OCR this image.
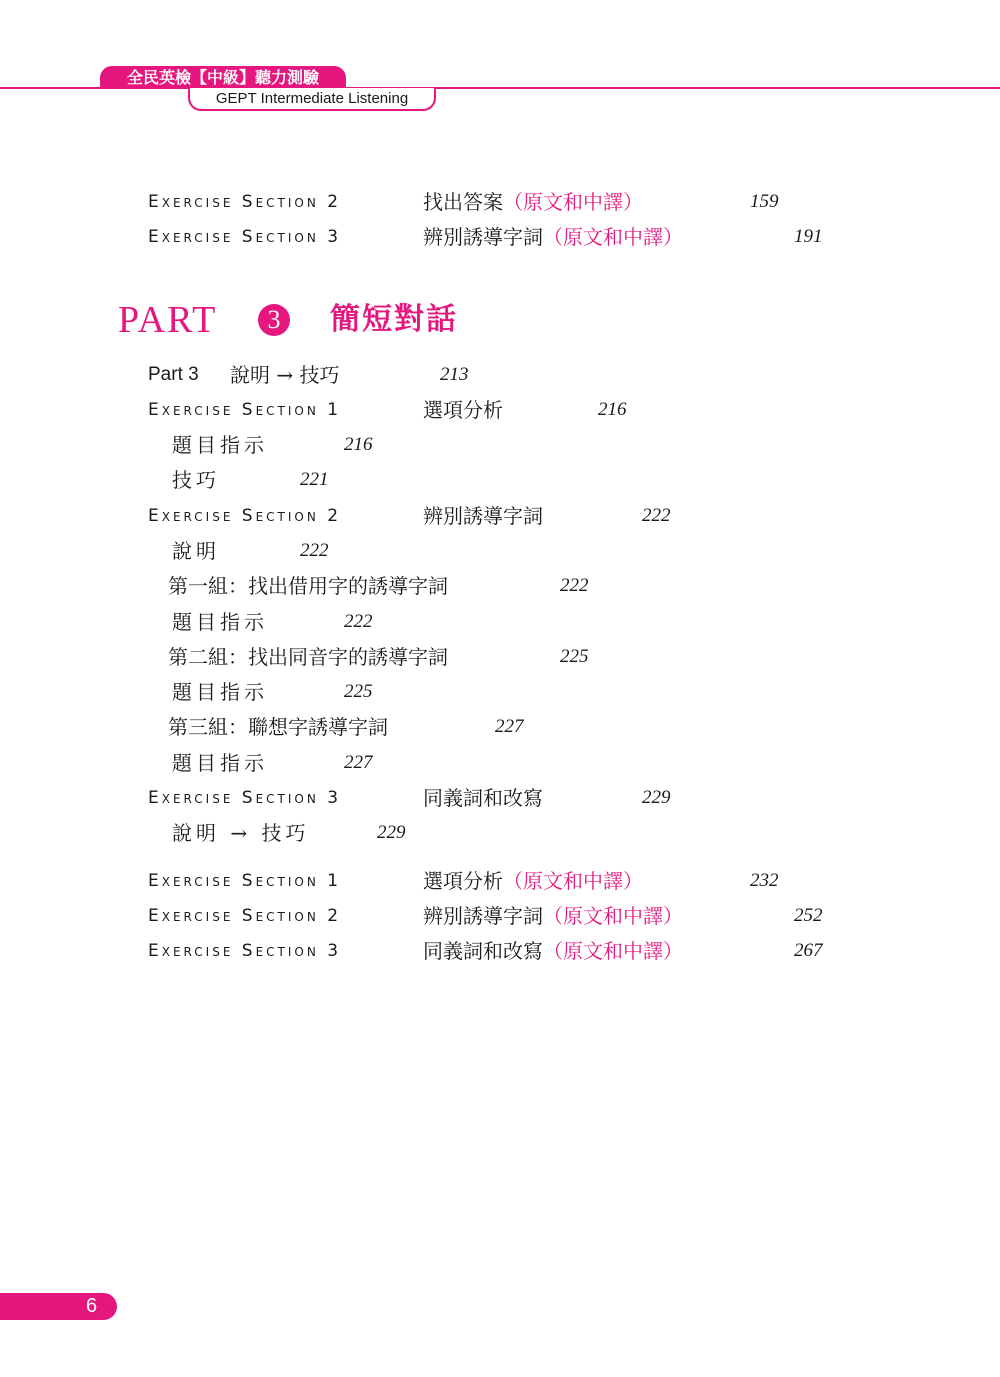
全民英檢【中級】聽力測驗
GEPT Intermediate Listening
Exercise Section 2	找出答案 （原文和中譯）	159
Exercise Section 3	辨別誘導字詞 （原文和中譯）	191
PART	3	簡短對話
Part 3 說明 → 技巧	213
Exercise Section 1	選項分析	216
題目指示	216
技巧	221
Exercise Section 2	辨別誘導字詞	222
說明	222
第一組：找出借用字的誘導字詞	222
題目指示	222
第二組：找出同音字的誘導字詞	225
題目指示	225
第三組：聯想字誘導字詞	227
題目指示	227
Exercise Section 3	同義詞和改寫	229
說明 → 技巧	229
Exercise Section 1	選項分析 （原文和中譯）	232
Exercise Section 2	辨別誘導字詞 （原文和中譯）	252
Exercise Section 3	同義詞和改寫 （原文和中譯）	267
6
